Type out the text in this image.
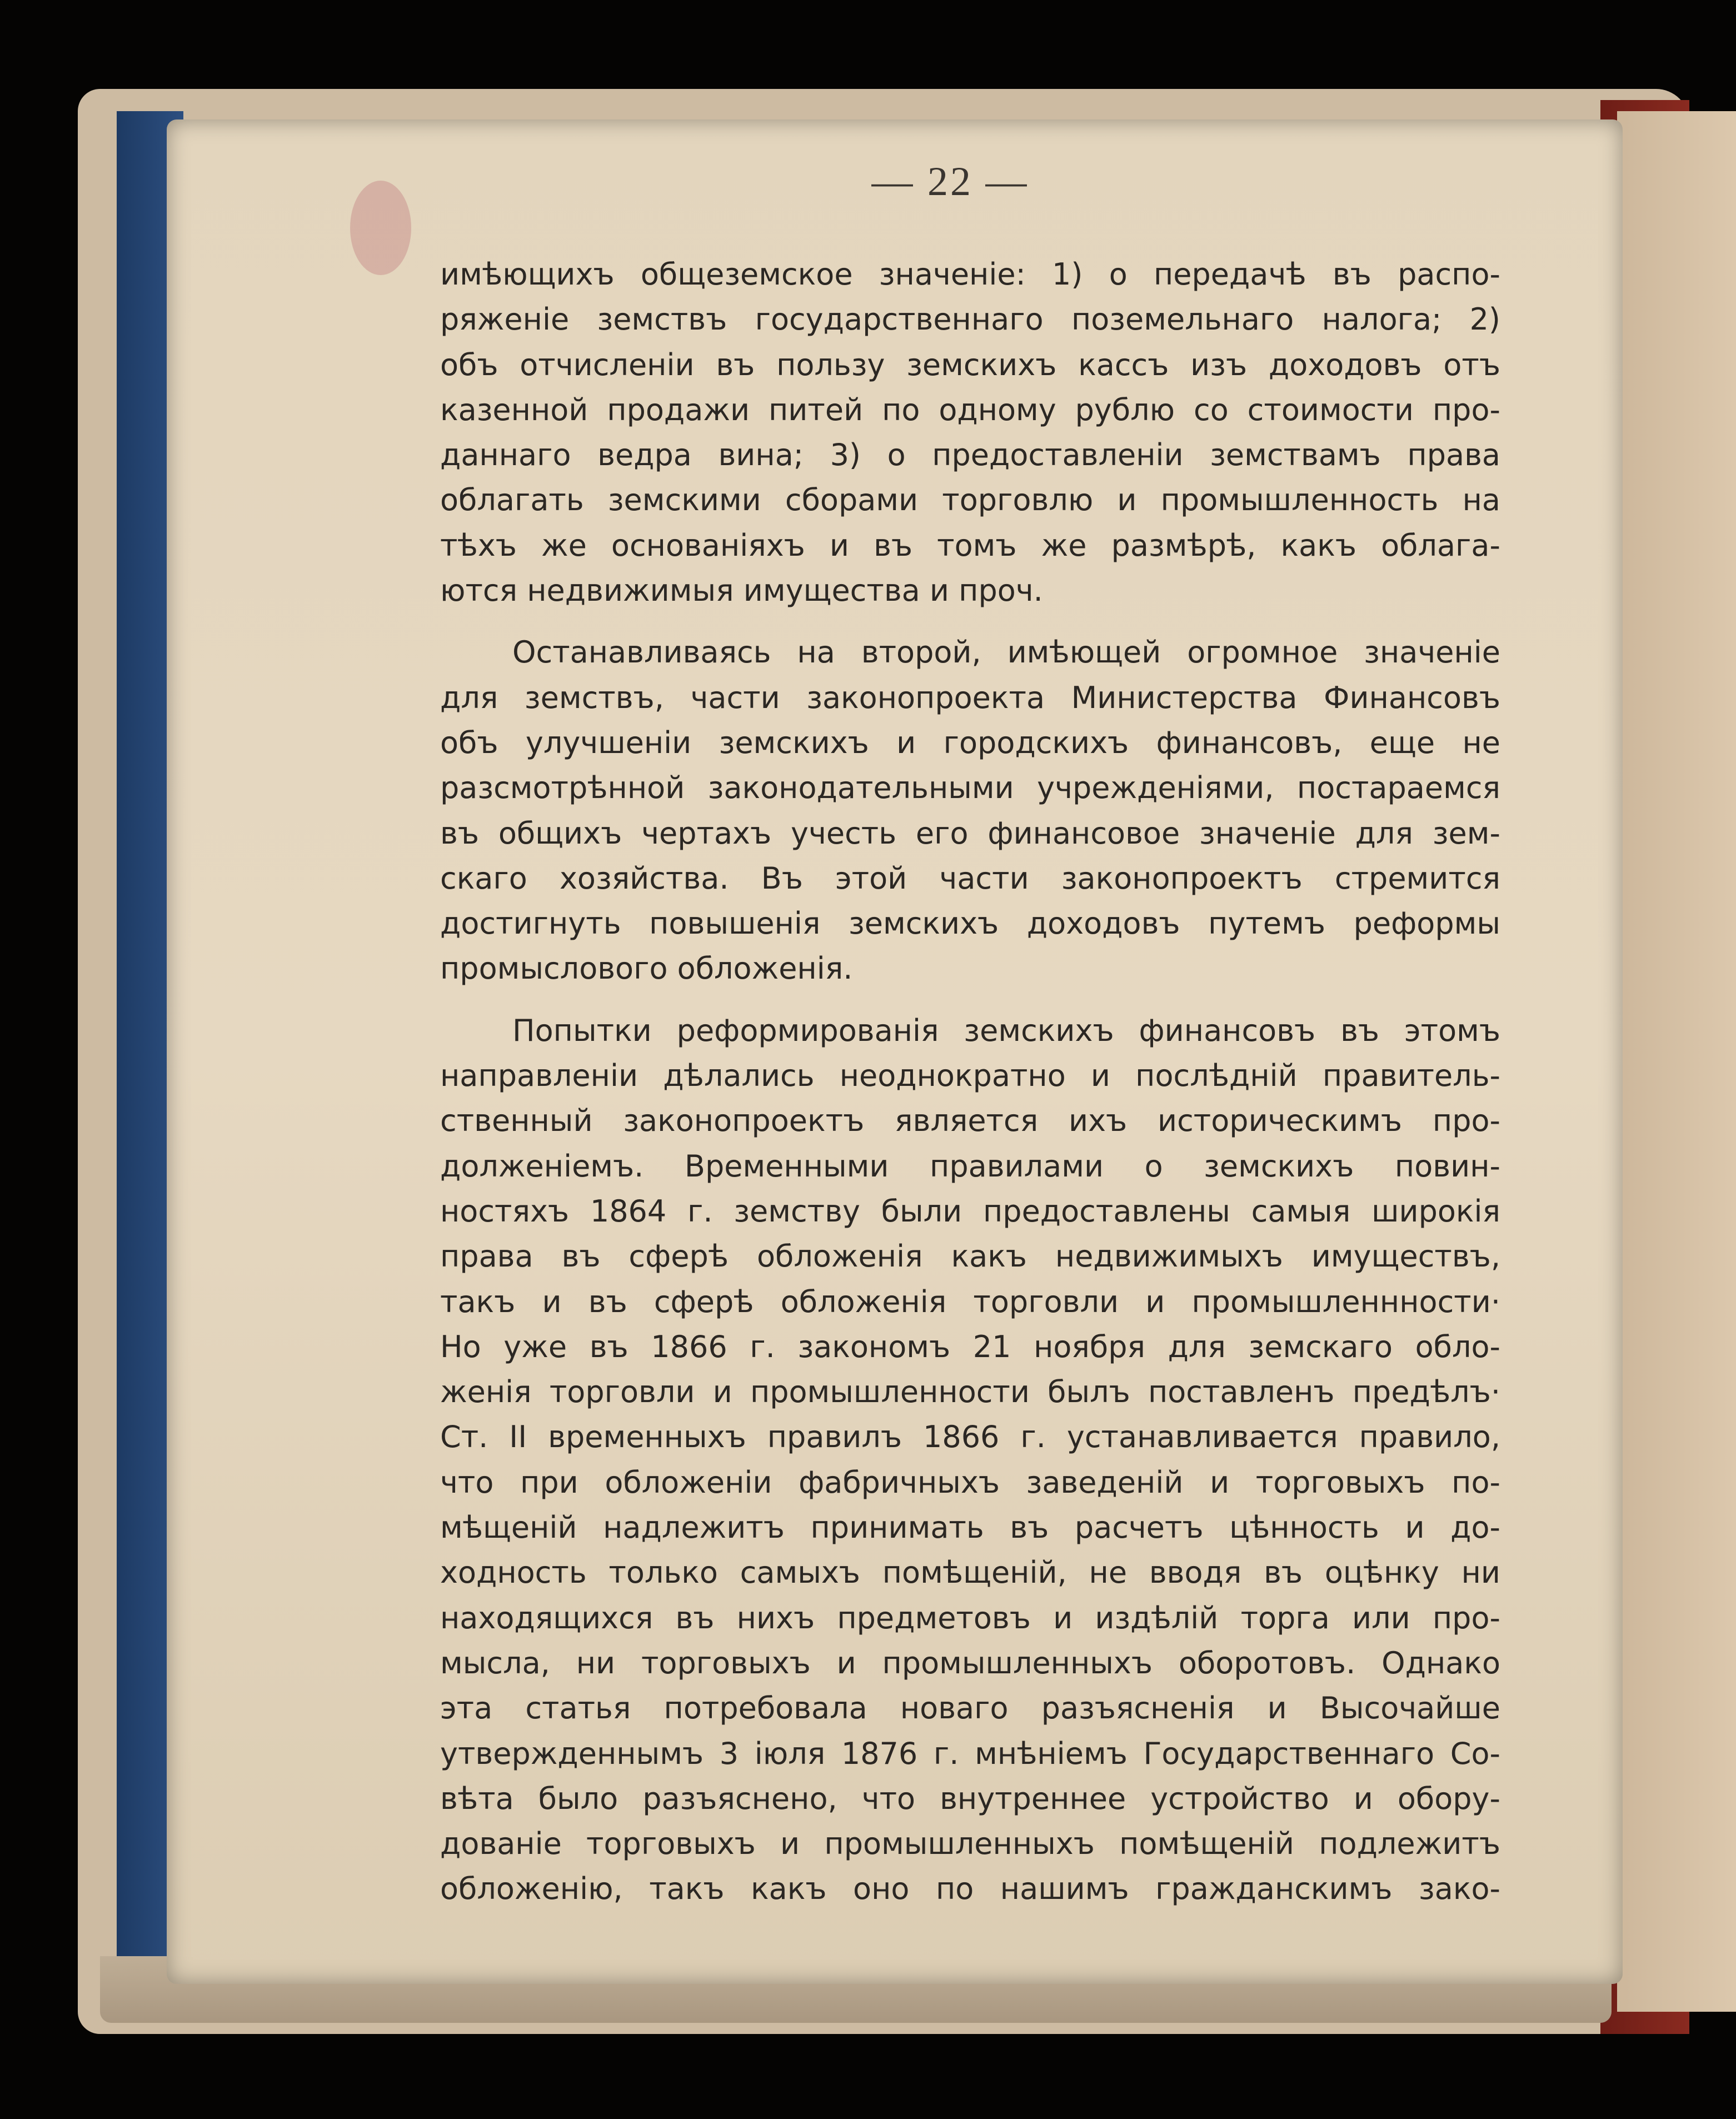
— 22 —
имѣющихъ общеземское значеніе: 1) о передачѣ въ распо-
ряженіе земствъ государственнаго поземельнаго налога; 2)
объ отчисленіи въ пользу земскихъ кассъ изъ доходовъ отъ
казенной продажи питей по одному рублю со стоимости про-
даннаго ведра вина; 3) о предоставленіи земствамъ права
облагать земскими сборами торговлю и промышленность на
тѣхъ же основаніяхъ и въ томъ же размѣрѣ, какъ облага-
ются недвижимыя имущества и проч.
Останавливаясь на второй, имѣющей огромное значеніе
для земствъ, части законопроекта Министерства Финансовъ
объ улучшеніи земскихъ и городскихъ финансовъ, еще не
разсмотрѣнной законодательными учрежденіями, постараемся
въ общихъ чертахъ учесть его финансовое значеніе для зем-
скаго хозяйства. Въ этой части законопроектъ стремится
достигнуть повышенія земскихъ доходовъ путемъ реформы
промыслового обложенія.
Попытки реформированія земскихъ финансовъ въ этомъ
направленіи дѣлались неоднократно и послѣдній правитель-
ственный законопроектъ является ихъ историческимъ про-
долженіемъ. Временными правилами о земскихъ повин-
ностяхъ 1864 г. земству были предоставлены самыя широкія
права въ сферѣ обложенія какъ недвижимыхъ имуществъ,
такъ и въ сферѣ обложенія торговли и промышленнности·
Но уже въ 1866 г. закономъ 21 ноября для земскаго обло-
женія торговли и промышленности былъ поставленъ предѣлъ·
Ст. II временныхъ правилъ 1866 г. устанавливается правило,
что при обложеніи фабричныхъ заведеній и торговыхъ по-
мѣщеній надлежитъ принимать въ расчетъ цѣнность и до-
ходность только самыхъ помѣщеній, не вводя въ оцѣнку ни
находящихся въ нихъ предметовъ и издѣлій торга или про-
мысла, ни торговыхъ и промышленныхъ оборотовъ. Однако
эта статья потребовала новаго разъясненія и Высочайше
утвержденнымъ 3 іюля 1876 г. мнѣніемъ Государственнаго Со-
вѣта было разъяснено, что внутреннее устройство и обору-
дованіе торговыхъ и промышленныхъ помѣщеній подлежитъ
обложенію, такъ какъ оно по нашимъ гражданскимъ зако-
